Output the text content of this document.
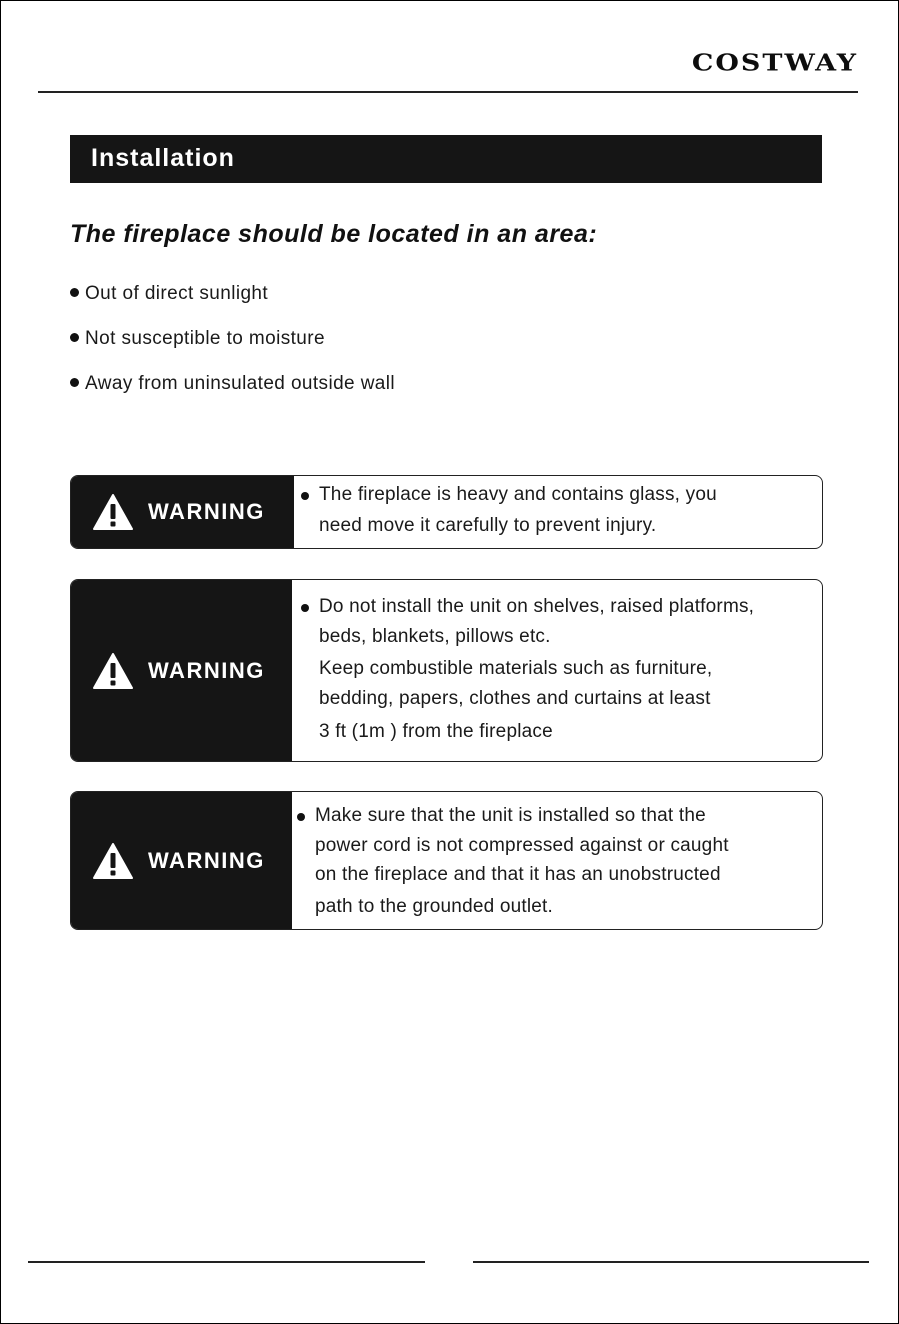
COSTWAY
Installation
The fireplace should be located in an area:
Out of direct sunlight
Not susceptible to moisture
Away from uninsulated outside wall
WARNING
The fireplace is heavy and contains glass, you
need move it carefully to prevent injury.
WARNING
Do not install the unit on shelves, raised platforms,
beds, blankets, pillows etc.
Keep combustible materials such as furniture,
bedding, papers, clothes and curtains at least
3 ft (1m ) from the fireplace
WARNING
Make sure that the unit is installed so that the
power cord is not compressed against or caught
on the fireplace and that it has an unobstructed
path to the grounded outlet.
